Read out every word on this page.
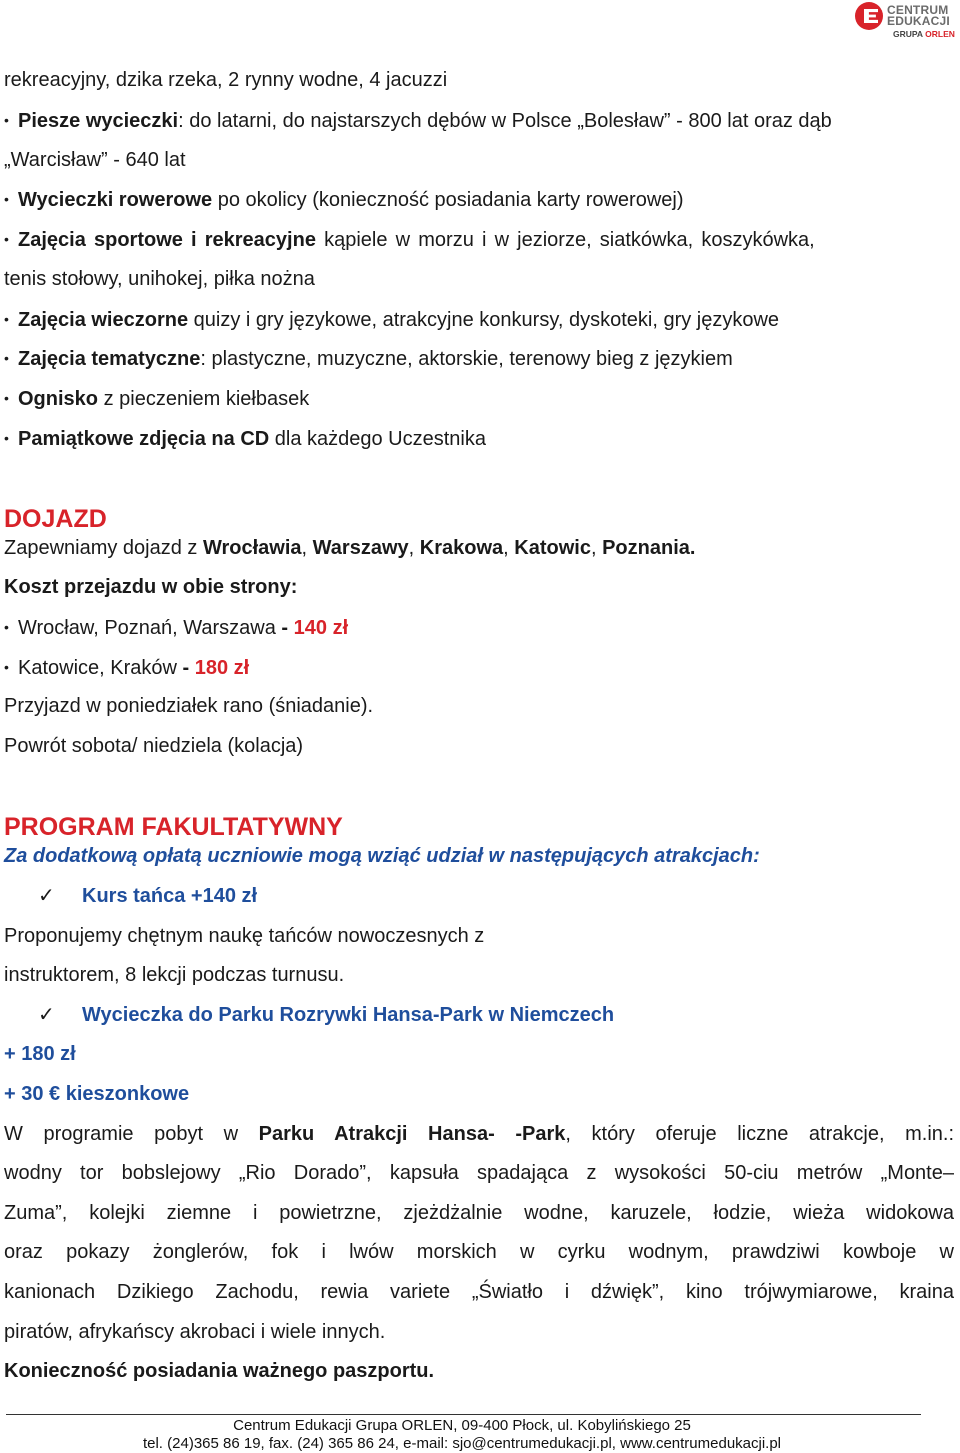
CENTRUM
EDUKACJI
GRUPA ORLEN
rekreacyjny, dzika rzeka, 2 rynny wodne, 4 jacuzzi
• Piesze wycieczki: do latarni, do najstarszych dębów w Polsce „Bolesław” - 800 lat oraz dąb
„Warcisław” - 640 lat
• Wycieczki rowerowe po okolicy (konieczność posiadania karty rowerowej)
• Zajęcia sportowe i rekreacyjne kąpiele w morzu i w jeziorze, siatkówka, koszykówka,
tenis stołowy, unihokej, piłka nożna
• Zajęcia wieczorne quizy i gry językowe, atrakcyjne konkursy, dyskoteki, gry językowe
• Zajęcia tematyczne: plastyczne, muzyczne, aktorskie, terenowy bieg z językiem
• Ognisko z pieczeniem kiełbasek
• Pamiątkowe zdjęcia na CD dla każdego Uczestnika
DOJAZD
Zapewniamy dojazd z Wrocławia, Warszawy, Krakowa, Katowic, Poznania.
Koszt przejazdu w obie strony:
• Wrocław, Poznań, Warszawa - 140 zł
• Katowice, Kraków - 180 zł
Przyjazd w poniedziałek rano (śniadanie).
Powrót sobota/ niedziela (kolacja)
PROGRAM FAKULTATYWNY
Za dodatkową opłatą uczniowie mogą wziąć udział w następujących atrakcjach:
✓ Kurs tańca +140 zł
Proponujemy chętnym naukę tańców nowoczesnych z
instruktorem, 8 lekcji podczas turnusu.
✓ Wycieczka do Parku Rozrywki Hansa-Park w Niemczech
+ 180 zł
+ 30 € kieszonkowe
W programie pobyt w Parku Atrakcji Hansa- -Park, który oferuje liczne atrakcje, m.in.:
wodny tor bobslejowy „Rio Dorado”, kapsuła spadająca z wysokości 50-ciu metrów „Monte–
Zuma”, kolejki ziemne i powietrzne, zjeżdżalnie wodne, karuzele, łodzie, wieża widokowa
oraz pokazy żonglerów, fok i lwów morskich w cyrku wodnym, prawdziwi kowboje w
kanionach Dzikiego Zachodu, rewia variete „Światło i dźwięk”, kino trójwymiarowe, kraina
piratów, afrykańscy akrobaci i wiele innych.
Konieczność posiadania ważnego paszportu.
Centrum Edukacji Grupa ORLEN, 09-400 Płock, ul. Kobylińskiego 25
tel. (24)365 86 19, fax. (24) 365 86 24, e-mail: sjo@centrumedukacji.pl, www.centrumedukacji.pl
